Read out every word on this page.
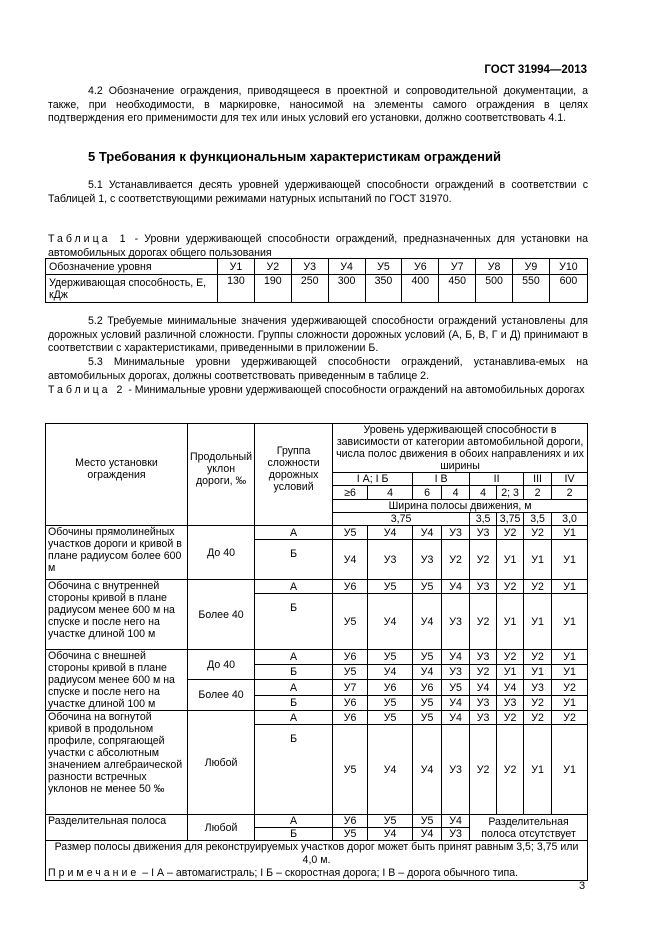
ГОСТ 31994—2013
4.2 Обозначение ограждения, приводящееся в проектной и сопроводительной документации, а также, при необходимости, в маркировке, наносимой на элементы самого ограждения в целях подтверждения его применимости для тех или иных условий его установки, должно соответствовать 4.1.
5 Требования к функциональным характеристикам ограждений
5.1 Устанавливается десять уровней удерживающей способности ограждений в соответствии с Таблицей 1, с соответствующими режимами натурных испытаний по ГОСТ 31970.
Таблица 1 - Уровни удерживающей способности ограждений, предназначенных для установки на автомобильных дорогах общего пользования
Обозначение уровня	У1	У2	У3	У4	У5	У6	У7	У8	У9	У10
Удерживающая способность, Е, кДж	130	190	250	300	350	400	450	500	550	600
5.2 Требуемые минимальные значения удерживающей способности ограждений установлены для дорожных условий различной сложности. Группы сложности дорожных условий (А, Б, В, Г и Д) принимают в соответствии с характеристиками, приведенными в приложении Б.
5.3 Минимальные уровни удерживающей способности ограждений, устанавлива-емых на автомобильных дорогах, должны соответствовать приведенным в таблице 2.
Таблица 2 - Минимальные уровни удерживающей способности ограждений на автомобильных дорогах
Место установки ограждения	Продольный уклон дороги, ‰	Группа сложности дорожных условий	Уровень удерживающей способности в зависимости от категории автомобильной дороги, числа полос движения в обоих направлениях и их ширины							
			I А; I Б		I В		II		III	IV
			≥6	4	6	4	4	2; 3	2	2
			Ширина полосы движения, м							
			3,75				3,5	3,75	3,5	3,0
Обочины прямолинейных участков дороги и кривой в плане радиусом более 600 м	До 40	А	У5	У4	У4	У3	У3	У2	У2	У1
		Б	У4	У3	У3	У2	У2	У1	У1	У1
Обочина с внутренней стороны кривой в плане радиусом менее 600 м на спуске и после него на участке длиной 100 м	Более 40	А	У6	У5	У5	У4	У3	У2	У2	У1
		Б	У5	У4	У4	У3	У2	У1	У1	У1
Обочина с внешней стороны кривой в плане радиусом менее 600 м на спуске и после него на участке длиной 100 м	До 40	А	У6	У5	У5	У4	У3	У2	У2	У1
		Б	У5	У4	У4	У3	У2	У1	У1	У1
	Более 40	А	У7	У6	У6	У5	У4	У4	У3	У2
		Б	У6	У5	У5	У4	У3	У3	У2	У1
Обочина на вогнутой кривой в продольном профиле, сопрягающей участки с абсолютным значением алгебраической разности встречных уклонов не менее 50 ‰	Любой	А	У6	У5	У5	У4	У3	У2	У2	У2
		Б	У5	У4	У4	У3	У2	У2	У1	У1
Разделительная полоса	Любой	А	У6	У5	У5	У4	Разделительная полоса отсутствует			
		Б	У5	У4	У4	У3				

Размер полосы движения для реконструируемых участков дорог может быть принят равным 3,5; 3,75 или 4,0 м.
Примечание – I А – автомагистраль; I Б – скоростная дорога; I В – дорога обычного типа.										
3
